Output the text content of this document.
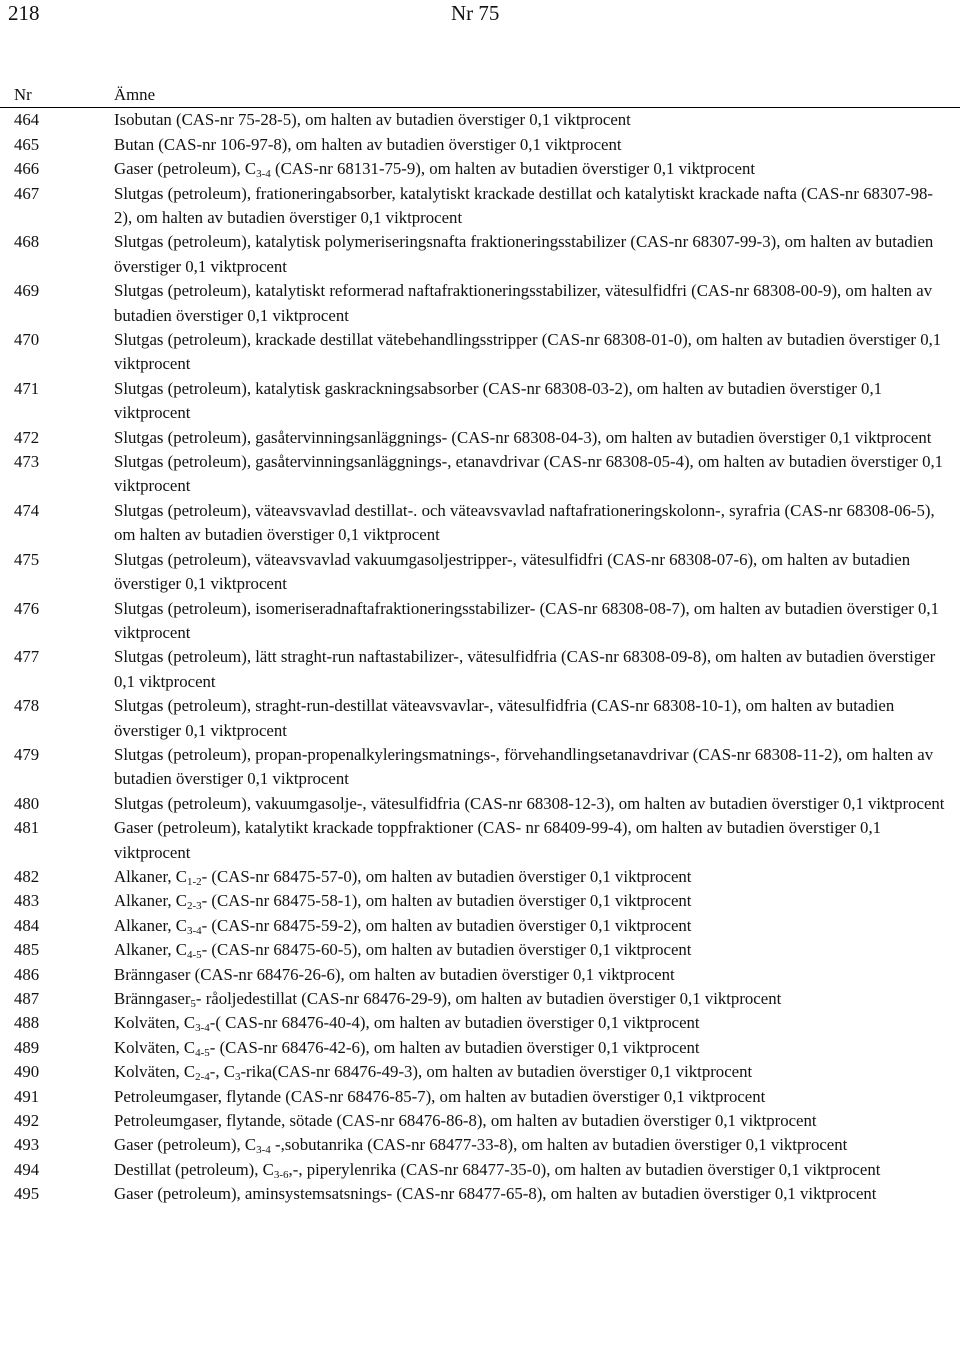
218	Nr 75
Nr	Ämne
464	Isobutan (CAS-nr 75-28-5), om halten av butadien överstiger 0,1 viktprocent
465	Butan (CAS-nr 106-97-8), om halten av butadien överstiger 0,1 viktprocent
466	Gaser (petroleum), $C_{3-4}$ (CAS-nr 68131-75-9), om halten av butadien överstiger 0,1 viktprocent
467	Slutgas (petroleum), frationeringabsorber, katalytiskt krackade destillat och katalytiskt krackade nafta (CAS-nr 68307-98-2), om halten av butadien överstiger 0,1 viktprocent
468	Slutgas (petroleum), katalytisk polymeriseringsnafta fraktioneringsstabilizer (CAS-nr 68307-99-3), om halten av butadien överstiger 0,1 viktprocent
469	Slutgas (petroleum), katalytiskt reformerad naftafraktioneringsstabilizer, vätesulfidfri (CAS-nr 68308-00-9), om halten av butadien överstiger 0,1 viktprocent
470	Slutgas (petroleum), krackade destillat vätebehandlingsstripper (CAS-nr 68308-01-0), om halten av butadien överstiger 0,1 viktprocent
471	Slutgas (petroleum), katalytisk gaskrackningsabsorber (CAS-nr 68308-03-2), om halten av butadien överstiger 0,1 viktprocent
472	Slutgas (petroleum), gasåtervinningsanläggnings- (CAS-nr 68308-04-3), om halten av butadien överstiger 0,1 viktprocent
473	Slutgas (petroleum), gasåtervinningsanläggnings-, etanavdrivar (CAS-nr 68308-05-4), om halten av butadien överstiger 0,1 viktprocent
474	Slutgas (petroleum), väteavsvavlad destillat-. och väteavsvavlad naftafrationeringskolonn-, syrafria (CAS-nr 68308-06-5), om halten av butadien överstiger 0,1 viktprocent
475	Slutgas (petroleum), väteavsvavlad vakuumgasoljestripper-, vätesulfidfri (CAS-nr 68308-07-6), om halten av butadien överstiger 0,1 viktprocent
476	Slutgas (petroleum), isomeriseradnaftafraktioneringsstabilizer- (CAS-nr 68308-08-7), om halten av butadien överstiger 0,1 viktprocent
477	Slutgas (petroleum), lätt straght-run naftastabilizer-, vätesulfidfria (CAS-nr 68308-09-8), om halten av butadien överstiger 0,1 viktprocent
478	Slutgas (petroleum), straght-run-destillat väteavsvavlar-, vätesulfidfria (CAS-nr 68308-10-1), om halten av butadien överstiger 0,1 viktprocent
479	Slutgas (petroleum), propan-propenalkyleringsmatnings-, förvehandlingsetanavdrivar (CAS-nr 68308-11-2), om halten av butadien överstiger 0,1 viktprocent
480	Slutgas (petroleum), vakuumgasolje-, vätesulfidfria (CAS-nr 68308-12-3), om halten av butadien överstiger 0,1 viktprocent
481	Gaser (petroleum), katalytikt krackade toppfraktioner (CAS- nr 68409-99-4), om halten av butadien överstiger 0,1 viktprocent
482	Alkaner, $C_{1-2}-$ (CAS-nr 68475-57-0), om halten av butadien överstiger 0,1 viktprocent
483	Alkaner, $C_{2-3}-$ (CAS-nr 68475-58-1), om halten av butadien överstiger 0,1 viktprocent
484	Alkaner, $C_{3-4}-$ (CAS-nr 68475-59-2), om halten av butadien överstiger 0,1 viktprocent
485	Alkaner, $C_{4-5}-$ (CAS-nr 68475-60-5), om halten av butadien överstiger 0,1 viktprocent
486	Bränngaser (CAS-nr 68476-26-6), om halten av butadien överstiger 0,1 viktprocent
487	Bränngaser$_5$- råoljedestillat (CAS-nr 68476-29-9), om halten av butadien överstiger 0,1 viktprocent
488	Kolväten, $C_{3-4}-$( CAS-nr 68476-40-4), om halten av butadien överstiger 0,1 viktprocent
489	Kolväten, $C_{4-5}-$ (CAS-nr 68476-42-6), om halten av butadien överstiger 0,1 viktprocent
490	Kolväten, $C_{2-4}-$, $C_3-rika(CAS-nr$ 68476-49-3), om halten av butadien överstiger 0,1 viktprocent
491	Petroleumgaser, flytande (CAS-nr 68476-85-7), om halten av butadien överstiger 0,1 viktprocent
492	Petroleumgaser, flytande, sötade (CAS-nr 68476-86-8), om halten av butadien överstiger 0,1 viktprocent
493	Gaser (petroleum), $C_{3-4}$ -,sobutanrika (CAS-nr 68477-33-8), om halten av butadien överstiger 0,1 viktprocent
494	Destillat (petroleum), $C_{3-6},-$, piperylenrika (CAS-nr 68477-35-0), om halten av butadien överstiger 0,1 viktprocent
495	Gaser (petroleum), aminsystemsatsnings- (CAS-nr 68477-65-8), om halten av butadien överstiger 0,1 viktprocent
